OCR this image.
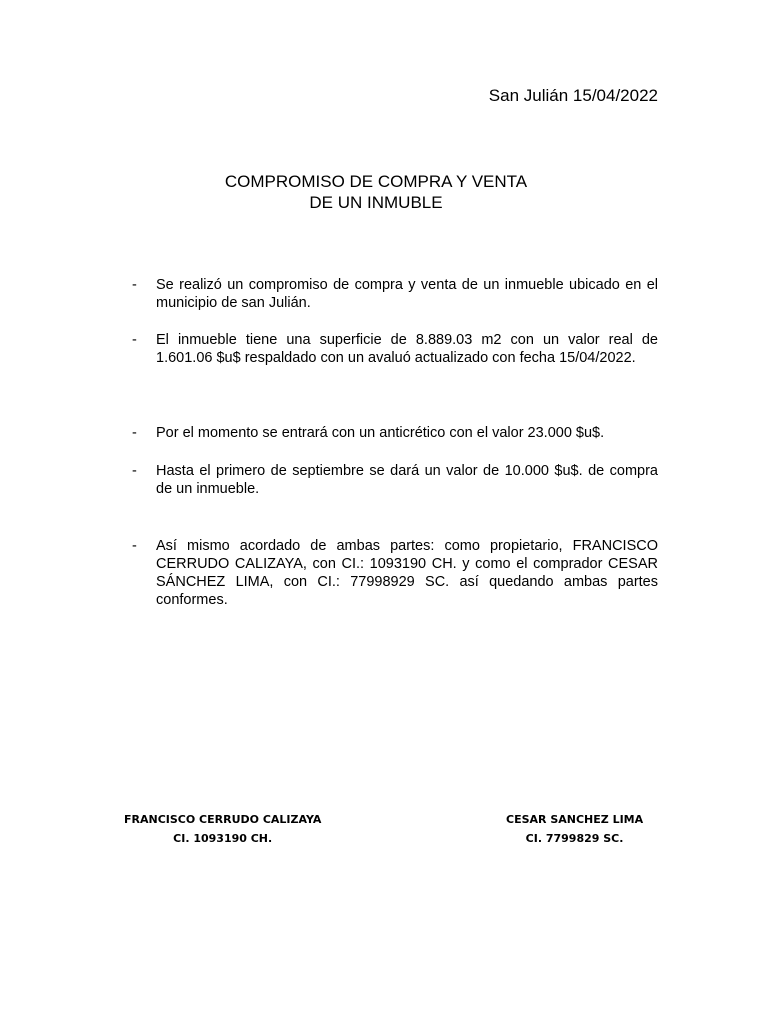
San Julián 15/04/2022
COMPROMISO DE COMPRA Y VENTA
DE UN INMUBLE
-	Se realizó un compromiso de compra y venta de un inmueble ubicado en el municipio de san Julián.
-	El inmueble tiene una superficie de 8.889.03 m2 con un valor real de 1.601.06 $u$ respaldado con un avaluó actualizado con fecha 15/04/2022.
-	Por el momento se entrará con un anticrético con el valor 23.000 $u$.
-	Hasta el primero de septiembre se dará un valor de 10.000 $u$. de compra de un inmueble.
-	Así mismo acordado de ambas partes: como propietario, FRANCISCO CERRUDO CALIZAYA, con CI.: 1093190 CH. y como el comprador CESAR SÁNCHEZ LIMA, con CI.: 77998929 SC. así quedando ambas partes conformes.
FRANCISCO CERRUDO CALIZAYA
CI. 1093190 CH.
CESAR SANCHEZ LIMA
CI. 7799829 SC.
